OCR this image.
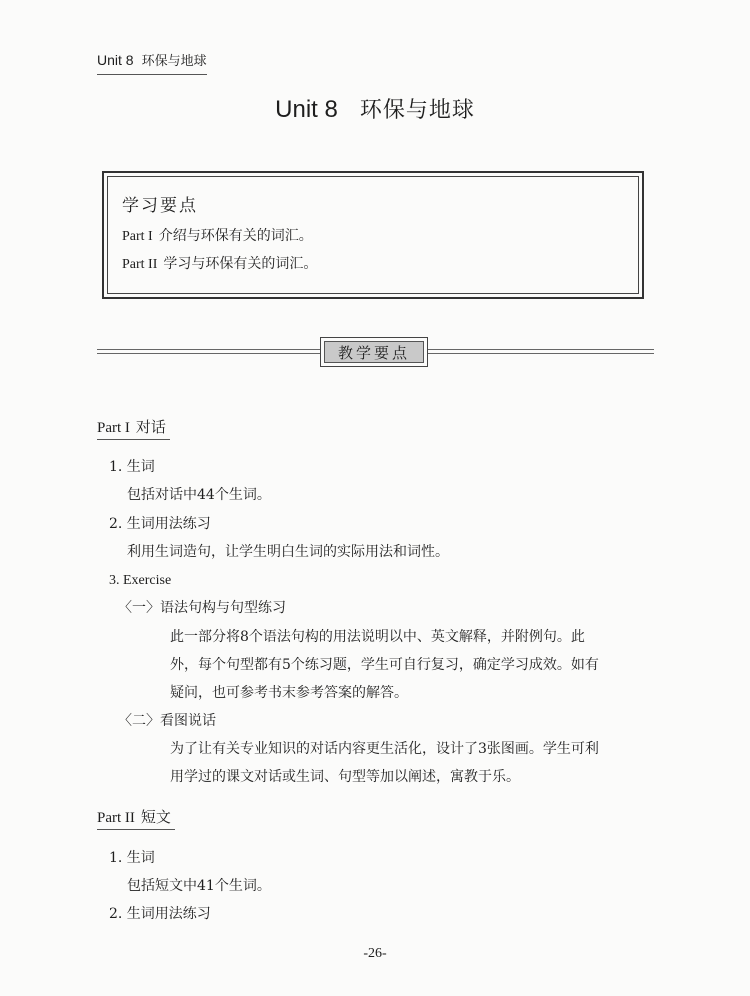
Unit 8 环保与地球
Unit 8 环保与地球
学习要点
Part I 介绍与环保有关的词汇。
Part II 学习与环保有关的词汇。
教学要点
Part I 对话
1. 生词
包括对话中44个生词。
2. 生词用法练习
利用生词造句，让学生明白生词的实际用法和词性。
3. Exercise
〈一〉语法句构与句型练习
此一部分将8个语法句构的用法说明以中、英文解释，并附例句。此
外，每个句型都有5个练习题，学生可自行复习，确定学习成效。如有
疑问，也可参考书末参考答案的解答。
〈二〉看图说话
为了让有关专业知识的对话内容更生活化，设计了3张图画。学生可利
用学过的课文对话或生词、句型等加以阐述，寓教于乐。
Part II 短文
1. 生词
包括短文中41个生词。
2. 生词用法练习
-26-
